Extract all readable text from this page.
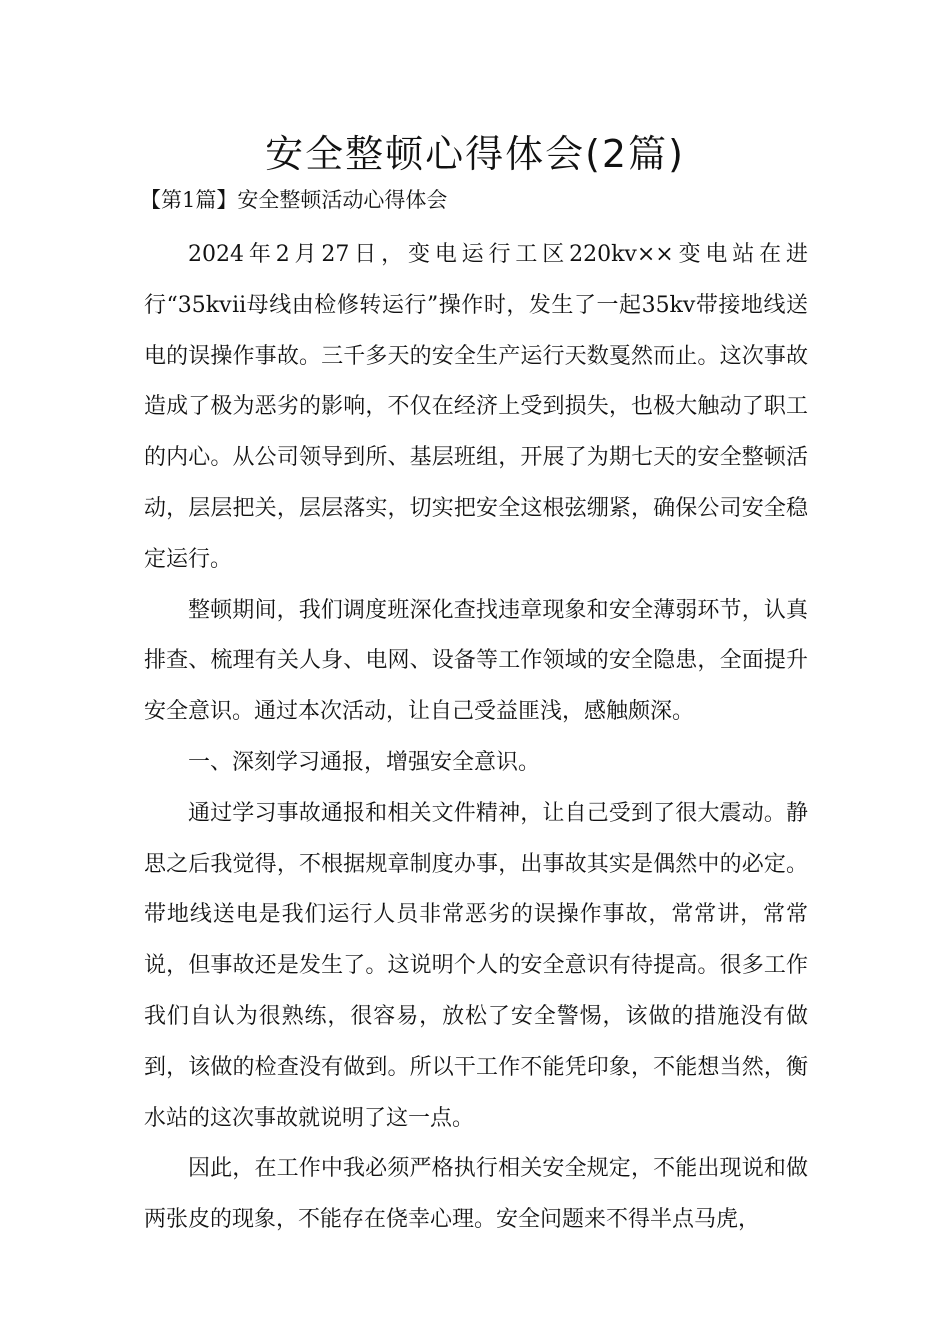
安全整顿心得体会(2篇)
【第1篇】安全整顿活动心得体会

2024年2月27日，变电运行工区220kv××变电站在进行“35kvⅱ母线由检修转运行”操作时，发生了一起35kv带接地线送电的误操作事故。三千多天的安全生产运行天数戛然而止。这次事故造成了极为恶劣的影响，不仅在经济上受到损失，也极大触动了职工的内心。从公司领导到所、基层班组，开展了为期七天的安全整顿活动，层层把关，层层落实，切实把安全这根弦绷紧，确保公司安全稳定运行。

整顿期间，我们调度班深化查找违章现象和安全薄弱环节，认真排查、梳理有关人身、电网、设备等工作领域的安全隐患，全面提升安全意识。通过本次活动，让自己受益匪浅，感触颇深。

一、深刻学习通报，增强安全意识。

通过学习事故通报和相关文件精神，让自己受到了很大震动。静思之后我觉得，不根据规章制度办事，出事故其实是偶然中的必定。带地线送电是我们运行人员非常恶劣的误操作事故，常常讲，常常说，但事故还是发生了。这说明个人的安全意识有待提高。很多工作我们自认为很熟练，很容易，放松了安全警惕，该做的措施没有做到，该做的检查没有做到。所以干工作不能凭印象，不能想当然，衡水站的这次事故就说明了这一点。

因此，在工作中我必须严格执行相关安全规定，不能出现说和做两张皮的现象，不能存在侥幸心理。安全问题来不得半点马虎，
